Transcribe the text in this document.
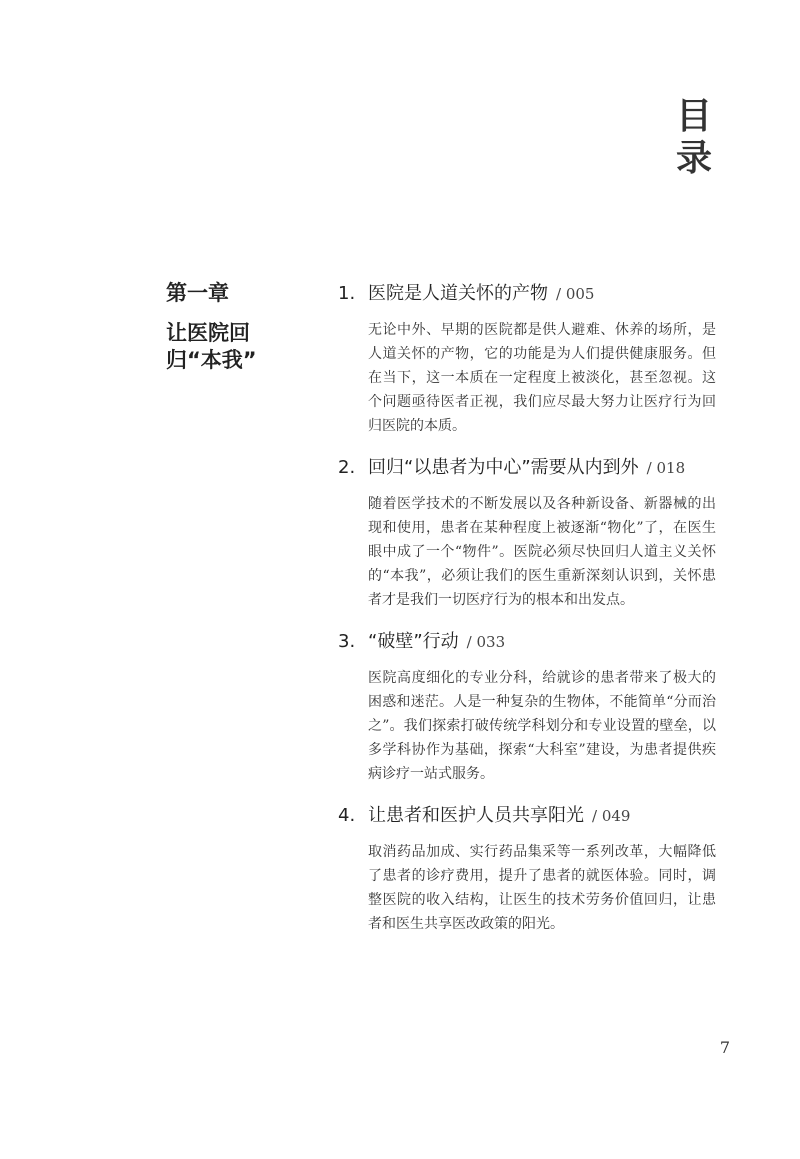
目录
第一章
让医院回归“本我”
1. 医院是人道关怀的产物 / 005
无论中外、早期的医院都是供人避难、休养的场所，是人道关怀的产物，它的功能是为人们提供健康服务。但在当下，这一本质在一定程度上被淡化，甚至忽视。这个问题亟待医者正视，我们应尽最大努力让医疗行为回归医院的本质。
2. 回归“以患者为中心”需要从内到外 / 018
随着医学技术的不断发展以及各种新设备、新器械的出现和使用，患者在某种程度上被逐渐“物化”了，在医生眼中成了一个“物件”。医院必须尽快回归人道主义关怀的“本我”，必须让我们的医生重新深刻认识到，关怀患者才是我们一切医疗行为的根本和出发点。
3. “破壁”行动 / 033
医院高度细化的专业分科，给就诊的患者带来了极大的困惑和迷茫。人是一种复杂的生物体，不能简单“分而治之”。我们探索打破传统学科划分和专业设置的壁垒，以多学科协作为基础，探索“大科室”建设，为患者提供疾病诊疗一站式服务。
4. 让患者和医护人员共享阳光 / 049
取消药品加成、实行药品集采等一系列改革，大幅降低了患者的诊疗费用，提升了患者的就医体验。同时，调整医院的收入结构，让医生的技术劳务价值回归，让患者和医生共享医改政策的阳光。
7
